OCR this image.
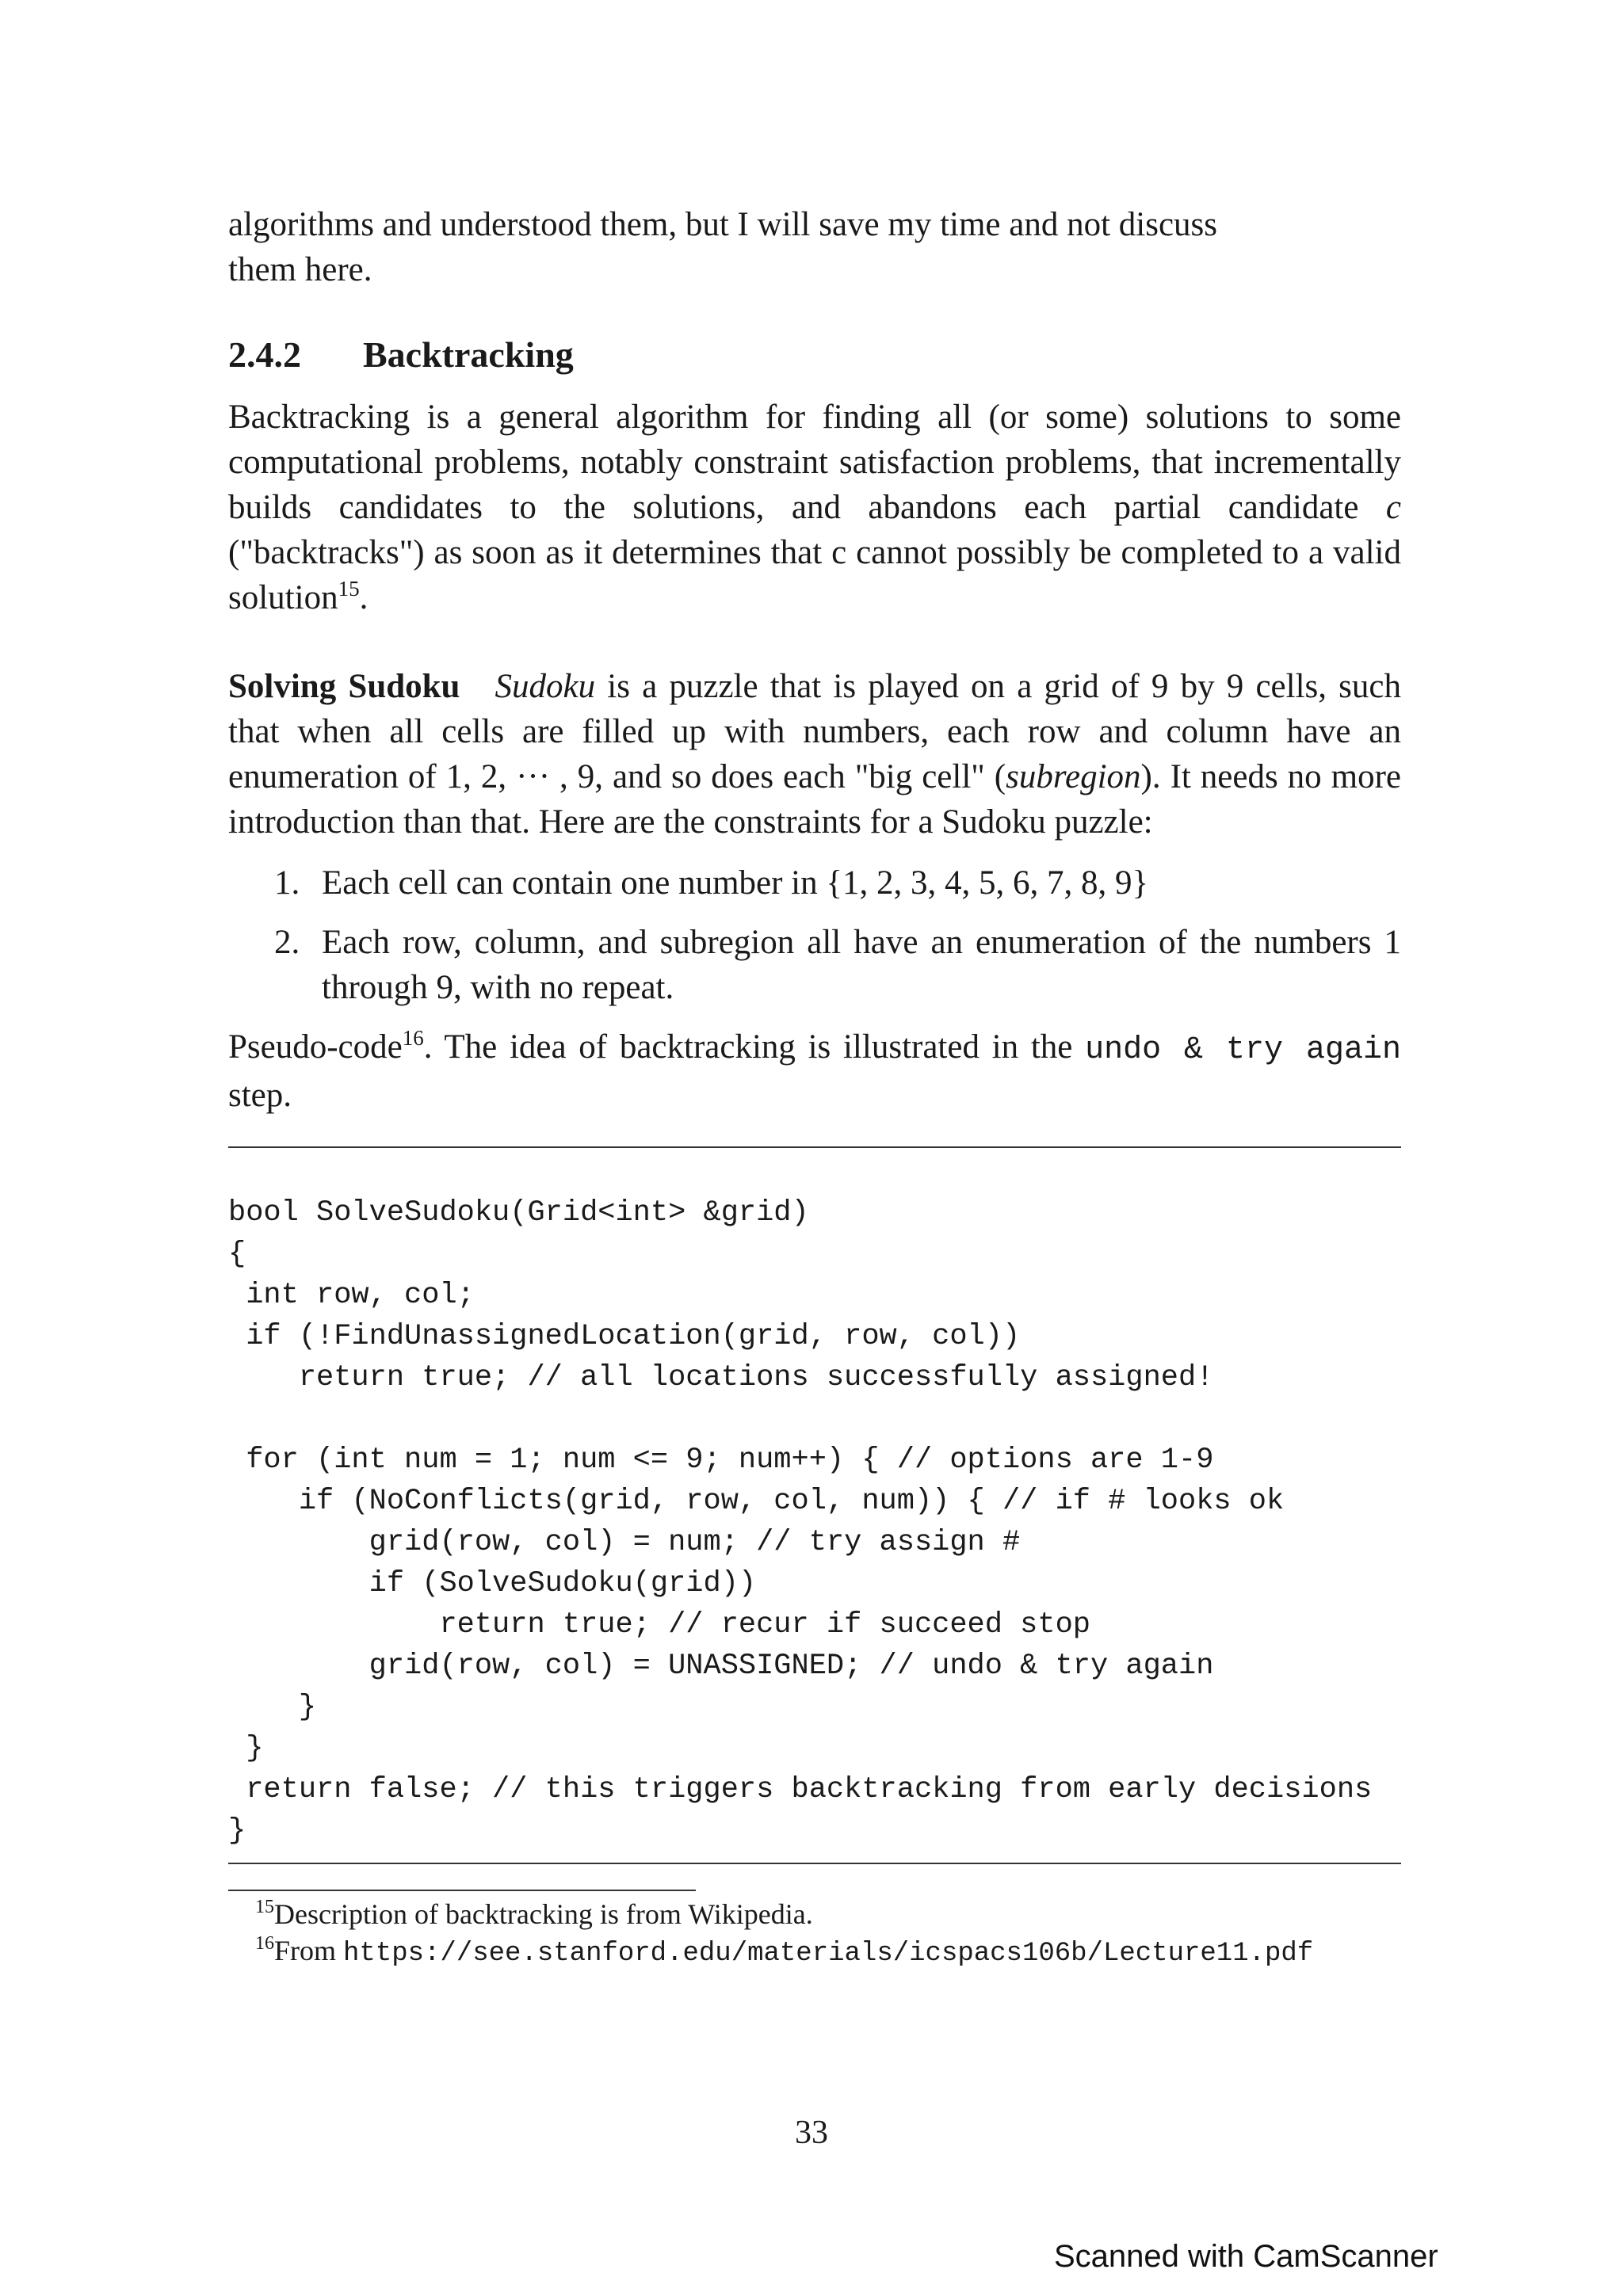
algorithms and understood them, but I will save my time and not discuss

them here.

2.4.2 Backtracking

Backtracking is a general algorithm for finding all (or some) solutions to some computational problems, notably constraint satisfaction problems, that incrementally builds candidates to the solutions, and abandons each partial candidate c ("backtracks") as soon as it determines that c cannot possibly be completed to a valid solution$^{15}$.

Solving Sudoku Sudoku is a puzzle that is played on a grid of 9 by 9 cells, such that when all cells are filled up with numbers, each row and column have an enumeration of 1, 2, ··· , 9, and so does each "big cell" (subregion). It needs no more introduction than that. Here are the constraints for a Sudoku puzzle:

1. Each cell can contain one number in {1, 2, 3, 4, 5, 6, 7, 8, 9}
2. Each row, column, and subregion all have an enumeration of the numbers 1 through 9, with no repeat.

Pseudo-code$^{16}$. The idea of backtracking is illustrated in the undo & try again step.

bool SolveSudoku(Grid<int> &grid)
{
int row, col;
if (!FindUnassignedLocation(grid, row, col))
return true; // all locations successfully assigned!
for (int num = 1; num <= 9; num++) { // options are 1-9
if (NoConflicts(grid, row, col, num)) { // if # looks ok
grid(row, col) = num; // try assign #
if (SolveSudoku(grid))
return true; // recur if succeed stop
grid(row, col) = UNASSIGNED; // undo & try again
}
}
return false; // this triggers backtracking from early decisions
}
$^{15}$Description of backtracking is from Wikipedia.
$^{16}$From https://see.stanford.edu/materials/icspacs106b/Lecture11.pdf
33
Scanned with CamScanner
